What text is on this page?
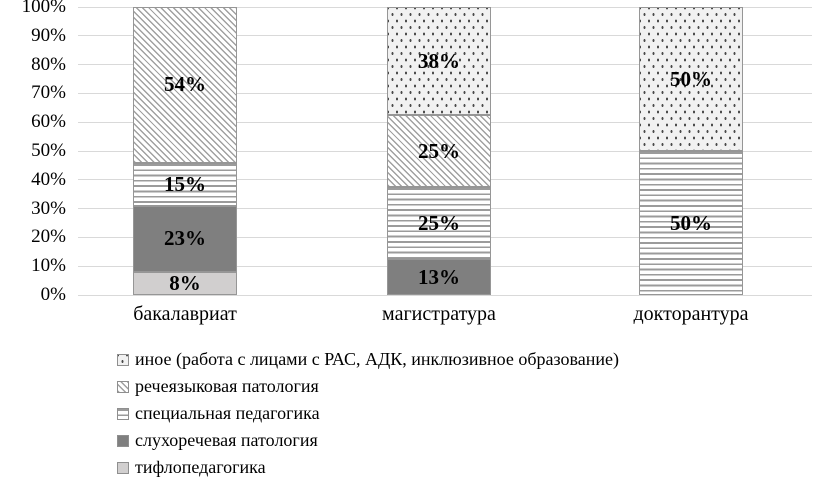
8%
23%
15%
54%
13%
25%
25%
38%
50%
50%
100%
90%
80%
70%
60%
50%
40%
30%
20%
10%
0%
бакалавриат	магистратура	докторантура
иное (работа с лицами с РАС, АДК, инклюзивное образование)
речеязыковая патология
специальная педагогика
слухоречевая патология
тифлопедагогика
